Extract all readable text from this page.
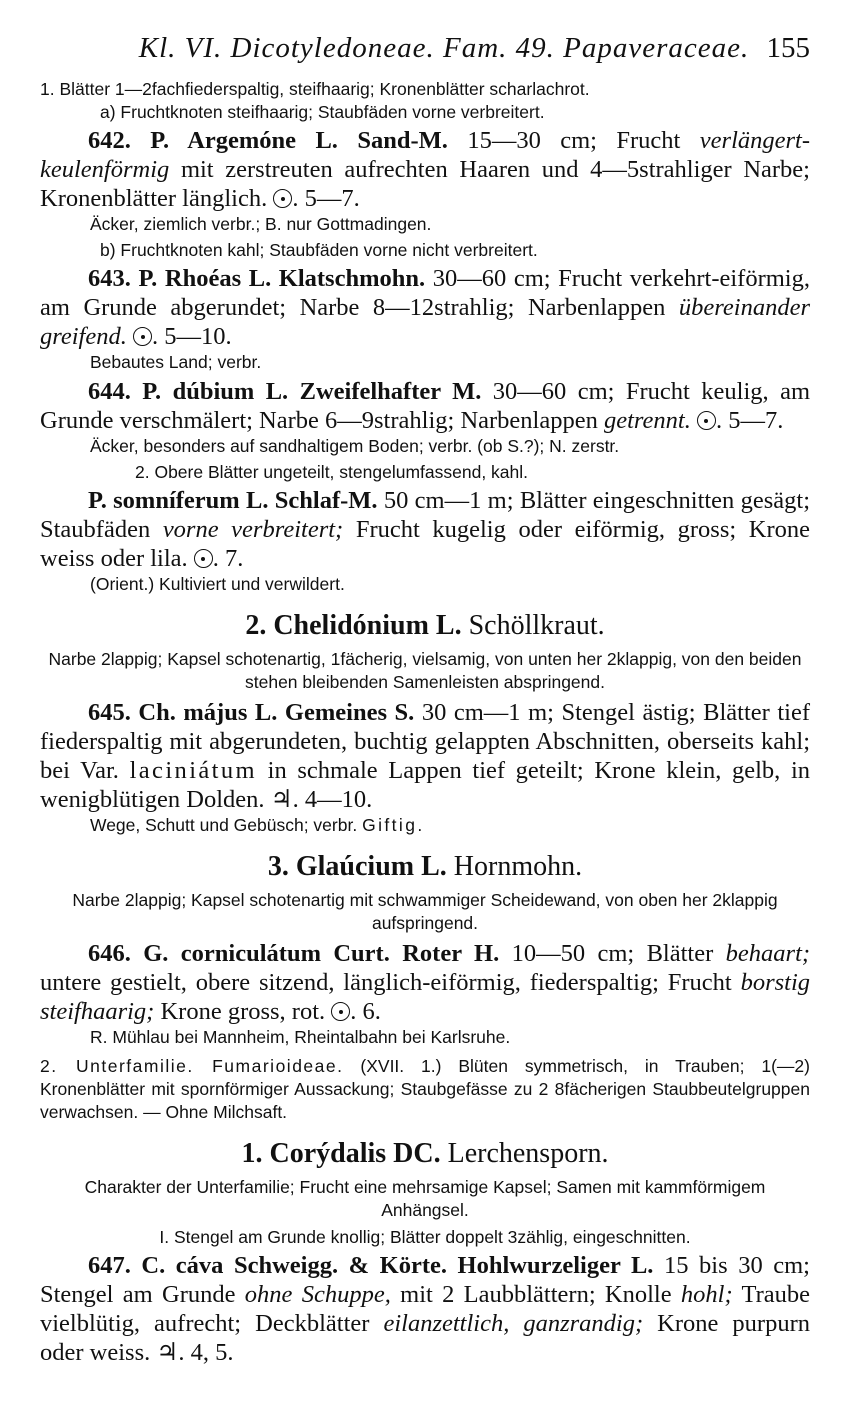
Kl. VI. Dicotyledoneae. Fam. 49. Papaveraceae. 155

1. Blätter 1—2fachfiederspaltig, steifhaarig; Kronenblätter scharlachrot.

a) Fruchtknoten steifhaarig; Staubfäden vorne verbreitert.

642. P. Argemóne L. Sand-M. 15—30 cm; Frucht verlängert-keulenförmig mit zerstreuten aufrechten Haaren und 4—5strahliger Narbe; Kronenblätter länglich. . 5—7.

Äcker, ziemlich verbr.; B. nur Gottmadingen.

b) Fruchtknoten kahl; Staubfäden vorne nicht verbreitert.

643. P. Rhoéas L. Klatschmohn. 30—60 cm; Frucht verkehrt-eiförmig, am Grunde abgerundet; Narbe 8—12strahlig; Narbenlappen übereinander greifend. . 5—10.

Bebautes Land; verbr.

644. P. dúbium L. Zweifelhafter M. 30—60 cm; Frucht keulig, am Grunde verschmälert; Narbe 6—9strahlig; Narbenlappen getrennt. . 5—7.

Äcker, besonders auf sandhaltigem Boden; verbr. (ob S.?); N. zerstr.

2. Obere Blätter ungeteilt, stengelumfassend, kahl.

P. somníferum L. Schlaf-M. 50 cm—1 m; Blätter eingeschnitten gesägt; Staubfäden vorne verbreitert; Frucht kugelig oder eiförmig, gross; Krone weiss oder lila. . 7.

(Orient.) Kultiviert und verwildert.

2. Chelidónium L. Schöllkraut.

Narbe 2lappig; Kapsel schotenartig, 1fächerig, vielsamig, von unten her 2klappig, von den beiden stehen bleibenden Samenleisten abspringend.

645. Ch. május L. Gemeines S. 30 cm—1 m; Stengel ästig; Blätter tief fiederspaltig mit abgerundeten, buchtig gelappten Abschnitten, oberseits kahl; bei Var. laciniátum in schmale Lappen tief geteilt; Krone klein, gelb, in wenigblütigen Dolden. ♃. 4—10.

Wege, Schutt und Gebüsch; verbr. Giftig.

3. Glaúcium L. Hornmohn.

Narbe 2lappig; Kapsel schotenartig mit schwammiger Scheidewand, von oben her 2klappig aufspringend.

646. G. corniculátum Curt. Roter H. 10—50 cm; Blätter behaart; untere gestielt, obere sitzend, länglich-eiförmig, fiederspaltig; Frucht borstig steifhaarig; Krone gross, rot. . 6.

R. Mühlau bei Mannheim, Rheintalbahn bei Karlsruhe.

2. Unterfamilie. Fumarioideae. (XVII. 1.) Blüten symmetrisch, in Trauben; 1(—2) Kronenblätter mit spornförmiger Aussackung; Staubgefässe zu 2 8fächerigen Staubbeutelgruppen verwachsen. — Ohne Milchsaft.

1. Corýdalis DC. Lerchensporn.

Charakter der Unterfamilie; Frucht eine mehrsamige Kapsel; Samen mit kammförmigem Anhängsel.

I. Stengel am Grunde knollig; Blätter doppelt 3zählig, eingeschnitten.

647. C. cáva Schweigg. & Körte. Hohlwurzeliger L. 15 bis 30 cm; Stengel am Grunde ohne Schuppe, mit 2 Laubblättern; Knolle hohl; Traube vielblütig, aufrecht; Deckblätter eilanzettlich, ganzrandig; Krone purpurn oder weiss. ♃. 4, 5.
